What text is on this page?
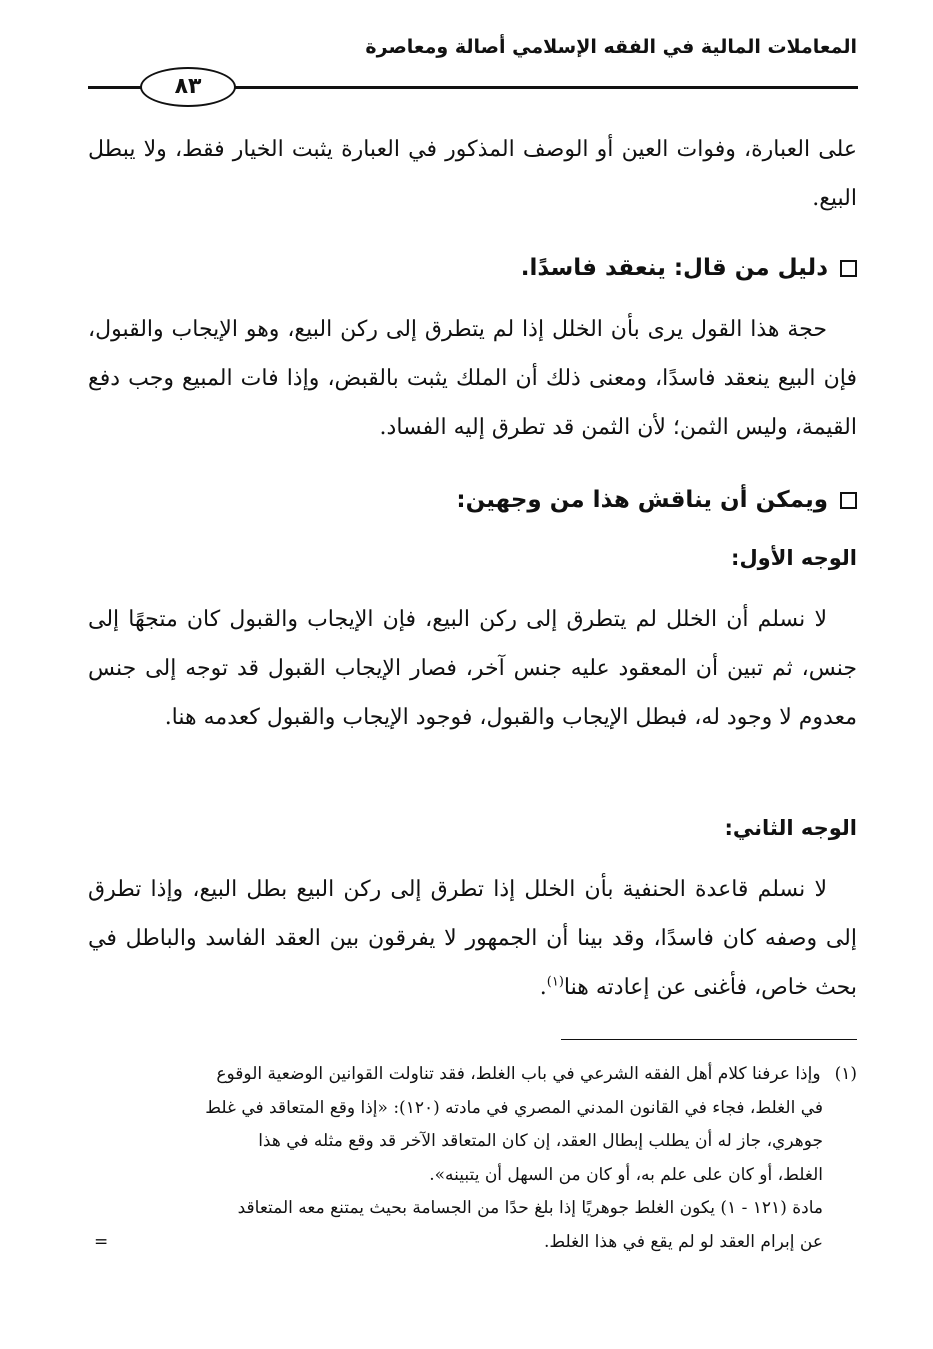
المعاملات المالية في الفقه الإسلامي أصالة ومعاصرة
٨٣

على العبارة، وفوات العين أو الوصف المذكور في العبارة يثبت الخيار فقط، ولا يبطل البيع.

دليل من قال: ينعقد فاسدًا.

حجة هذا القول يرى بأن الخلل إذا لم يتطرق إلى ركن البيع، وهو الإيجاب والقبول، فإن البيع ينعقد فاسدًا، ومعنى ذلك أن الملك يثبت بالقبض، وإذا فات المبيع وجب دفع القيمة، وليس الثمن؛ لأن الثمن قد تطرق إليه الفساد.

ويمكن أن يناقش هذا من وجهين:
الوجه الأول:

لا نسلم أن الخلل لم يتطرق إلى ركن البيع، فإن الإيجاب والقبول كان متجهًا إلى جنس، ثم تبين أن المعقود عليه جنس آخر، فصار الإيجاب القبول قد توجه إلى جنس معدوم لا وجود له، فبطل الإيجاب والقبول، فوجود الإيجاب والقبول كعدمه هنا.

الوجه الثاني:

لا نسلم قاعدة الحنفية بأن الخلل إذا تطرق إلى ركن البيع بطل البيع، وإذا تطرق إلى وصفه كان فاسدًا، وقد بينا أن الجمهور لا يفرقون بين العقد الفاسد والباطل في بحث خاص، فأغنى عن إعادته هنا$^{(١)}$.

(١)
وإذا عرفنا كلام أهل الفقه الشرعي في باب الغلط، فقد تناولت القوانين الوضعية الوقوع
في الغلط، فجاء في القانون المدني المصري في مادته (١٢٠): «إذا وقع المتعاقد في غلط
جوهري، جاز له أن يطلب إبطال العقد، إن كان المتعاقد الآخر قد وقع مثله في هذا
الغلط، أو كان على علم به، أو كان من السهل أن يتبينه».
مادة (١٢١ - ١) يكون الغلط جوهريًا إذا بلغ حدًا من الجسامة بحيث يمتنع معه المتعاقد
عن إبرام العقد لو لم يقع في هذا الغلط.
=
